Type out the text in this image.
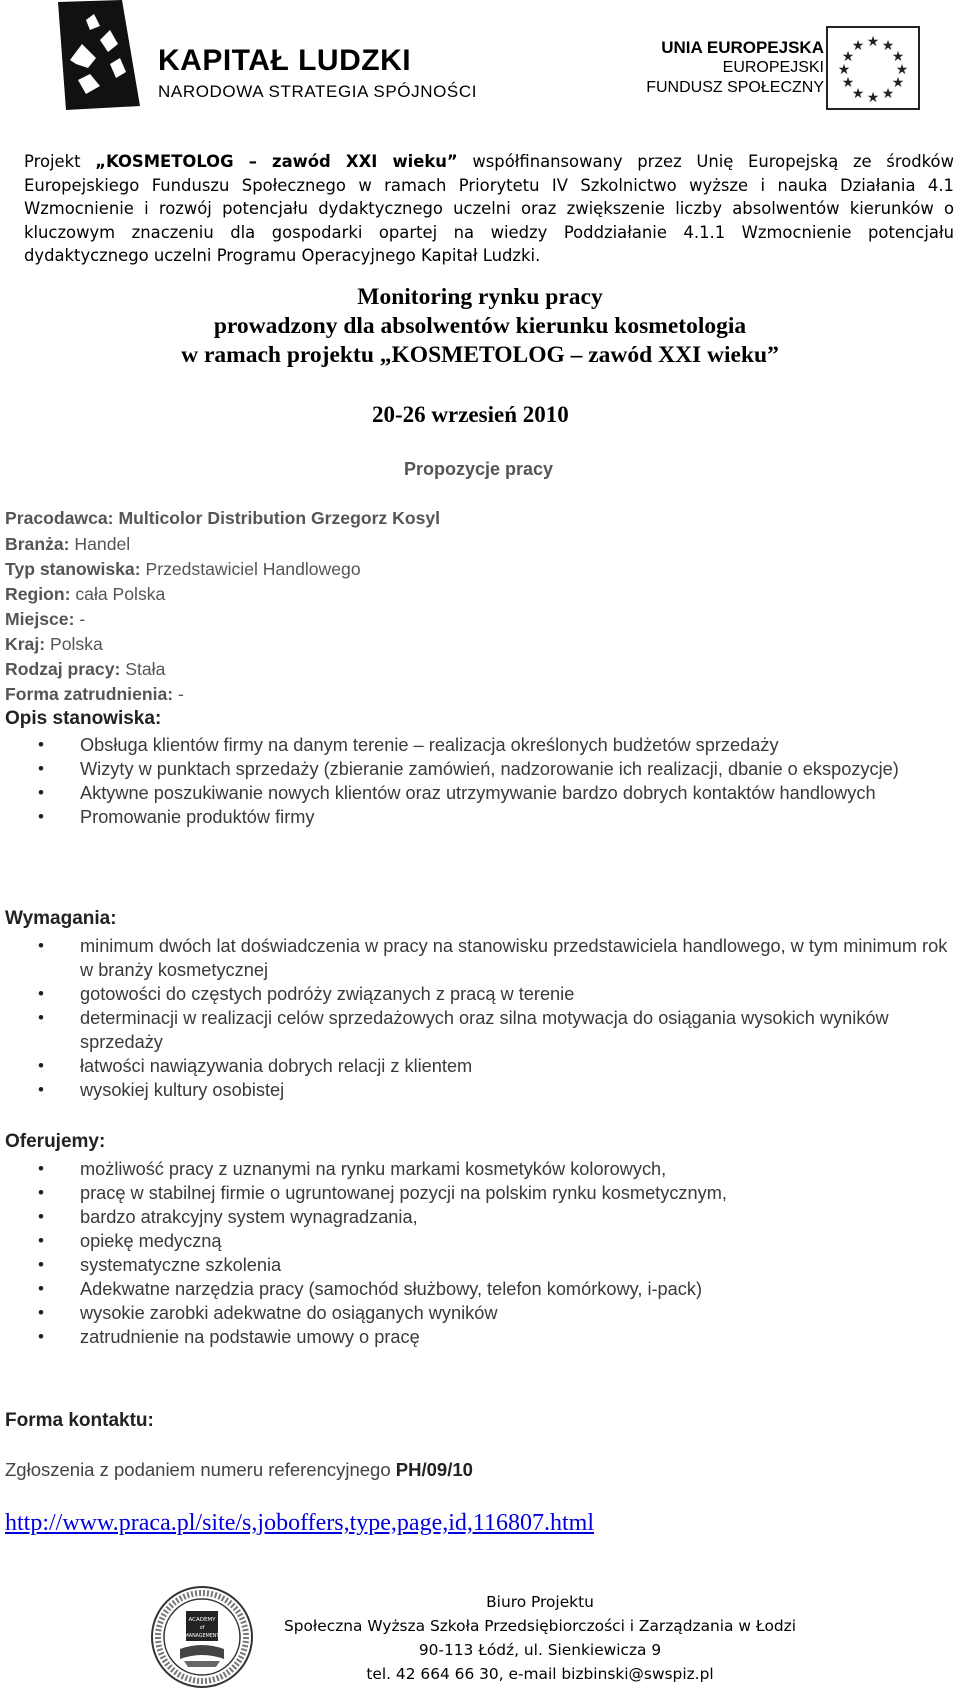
KAPITAŁ LUDZKI
NARODOWA STRATEGIA SPÓJNOŚCI
UNIA EUROPEJSKA
EUROPEJSKI
FUNDUSZ SPOŁECZNY
★ ★
★
★
★
★
★
★
★
★
★
★
Projekt „KOSMETOLOG – zawód XXI wieku” współfinansowany przez Unię Europejską ze środków Europejskiego Funduszu Społecznego w ramach Priorytetu IV Szkolnictwo wyższe i nauka Działania 4.1 Wzmocnienie i rozwój potencjału dydaktycznego uczelni oraz zwiększenie liczby absolwentów kierunków o kluczowym znaczeniu dla gospodarki opartej na wiedzy Poddziałanie 4.1.1 Wzmocnienie potencjału dydaktycznego uczelni Programu Operacyjnego Kapitał Ludzki.
Monitoring rynku pracy
prowadzony dla absolwentów kierunku kosmetologia
w ramach projektu „KOSMETOLOG – zawód XXI wieku”
20-26 wrzesień 2010
Propozycje pracy
Pracodawca: Multicolor Distribution Grzegorz Kosyl
Branża: Handel
Typ stanowiska: Przedstawiciel Handlowego
Region: cała Polska
Miejsce: -
Kraj: Polska
Rodzaj pracy: Stała
Forma zatrudnienia: -
Opis stanowiska:
• Obsługa klientów firmy na danym terenie – realizacja określonych budżetów sprzedaży
• Wizyty w punktach sprzedaży (zbieranie zamówień, nadzorowanie ich realizacji, dbanie o ekspozycje)
• Aktywne poszukiwanie nowych klientów oraz utrzymywanie bardzo dobrych kontaktów handlowych
• Promowanie produktów firmy
Wymagania:
• minimum dwóch lat doświadczenia w pracy na stanowisku przedstawiciela handlowego, w tym minimum rok w branży kosmetycznej
• gotowości do częstych podróży związanych z pracą w terenie
• determinacji w realizacji celów sprzedażowych oraz silna motywacja do osiągania wysokich wyników sprzedaży
• łatwości nawiązywania dobrych relacji z klientem
• wysokiej kultury osobistej
Oferujemy:
• możliwość pracy z uznanymi na rynku markami kosmetyków kolorowych,
• pracę w stabilnej firmie o ugruntowanej pozycji na polskim rynku kosmetycznym,
• bardzo atrakcyjny system wynagradzania,
• opiekę medyczną
• systematyczne szkolenia
• Adekwatne narzędzia pracy (samochód służbowy, telefon komórkowy, i-pack)
• wysokie zarobki adekwatne do osiąganych wyników
• zatrudnienie na podstawie umowy o pracę
Forma kontaktu:
Zgłoszenia z podaniem numeru referencyjnego PH/09/10
http://www.praca.pl/site/s,joboffers,type,page,id,116807.html
ACADEMY
of
MANAGEMENT
Biuro Projektu
Społeczna Wyższa Szkoła Przedsiębiorczości i Zarządzania w Łodzi
90-113 Łódź, ul. Sienkiewicza 9
tel. 42 664 66 30, e-mail bizbinski@swspiz.pl
